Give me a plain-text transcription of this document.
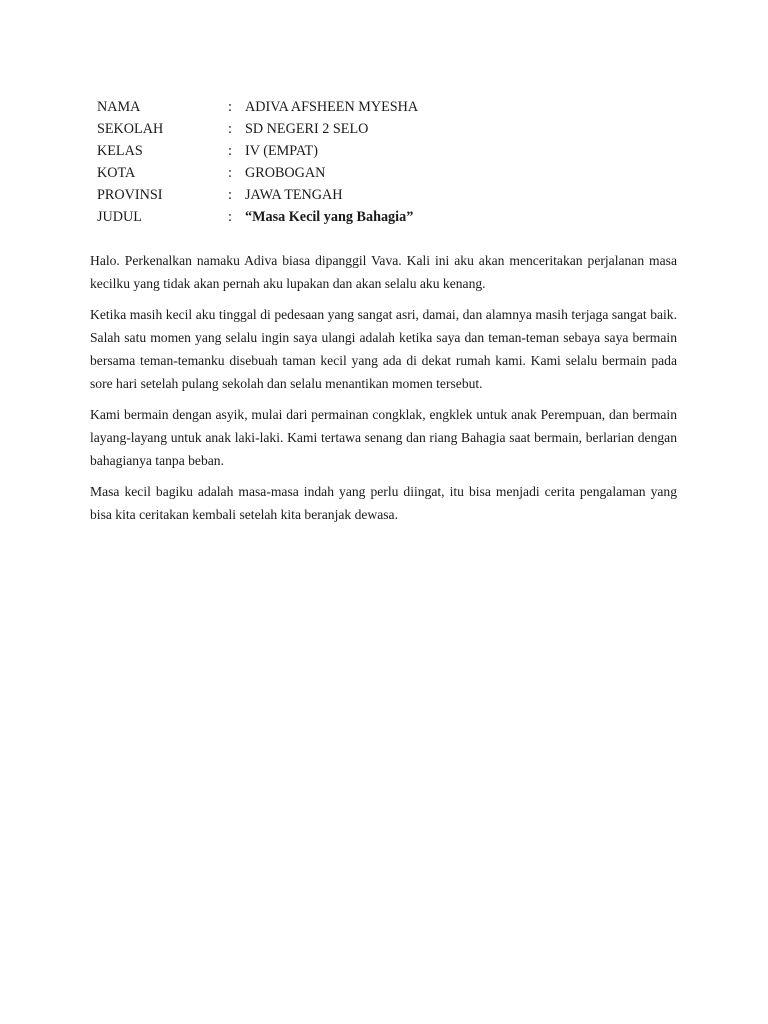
NAMA	:	ADIVA AFSHEEN MYESHA
SEKOLAH	:	SD NEGERI 2 SELO
KELAS	:	IV (EMPAT)
KOTA	:	GROBOGAN
PROVINSI	:	JAWA TENGAH
JUDUL	:	“Masa Kecil yang Bahagia”

Halo. Perkenalkan namaku Adiva biasa dipanggil Vava. Kali ini aku akan menceritakan perjalanan masa kecilku yang tidak akan pernah aku lupakan dan akan selalu aku kenang.

Ketika masih kecil aku tinggal di pedesaan yang sangat asri, damai, dan alamnya masih terjaga sangat baik. Salah satu momen yang selalu ingin saya ulangi adalah ketika saya dan teman-teman sebaya saya bermain bersama teman-temanku disebuah taman kecil yang ada di dekat rumah kami. Kami selalu bermain pada sore hari setelah pulang sekolah dan selalu menantikan momen tersebut.

Kami bermain dengan asyik, mulai dari permainan congklak, engklek untuk anak Perempuan, dan bermain layang-layang untuk anak laki-laki. Kami tertawa senang dan riang Bahagia saat bermain, berlarian dengan bahagianya tanpa beban.

Masa kecil bagiku adalah masa-masa indah yang perlu diingat, itu bisa menjadi cerita pengalaman yang bisa kita ceritakan kembali setelah kita beranjak dewasa.
